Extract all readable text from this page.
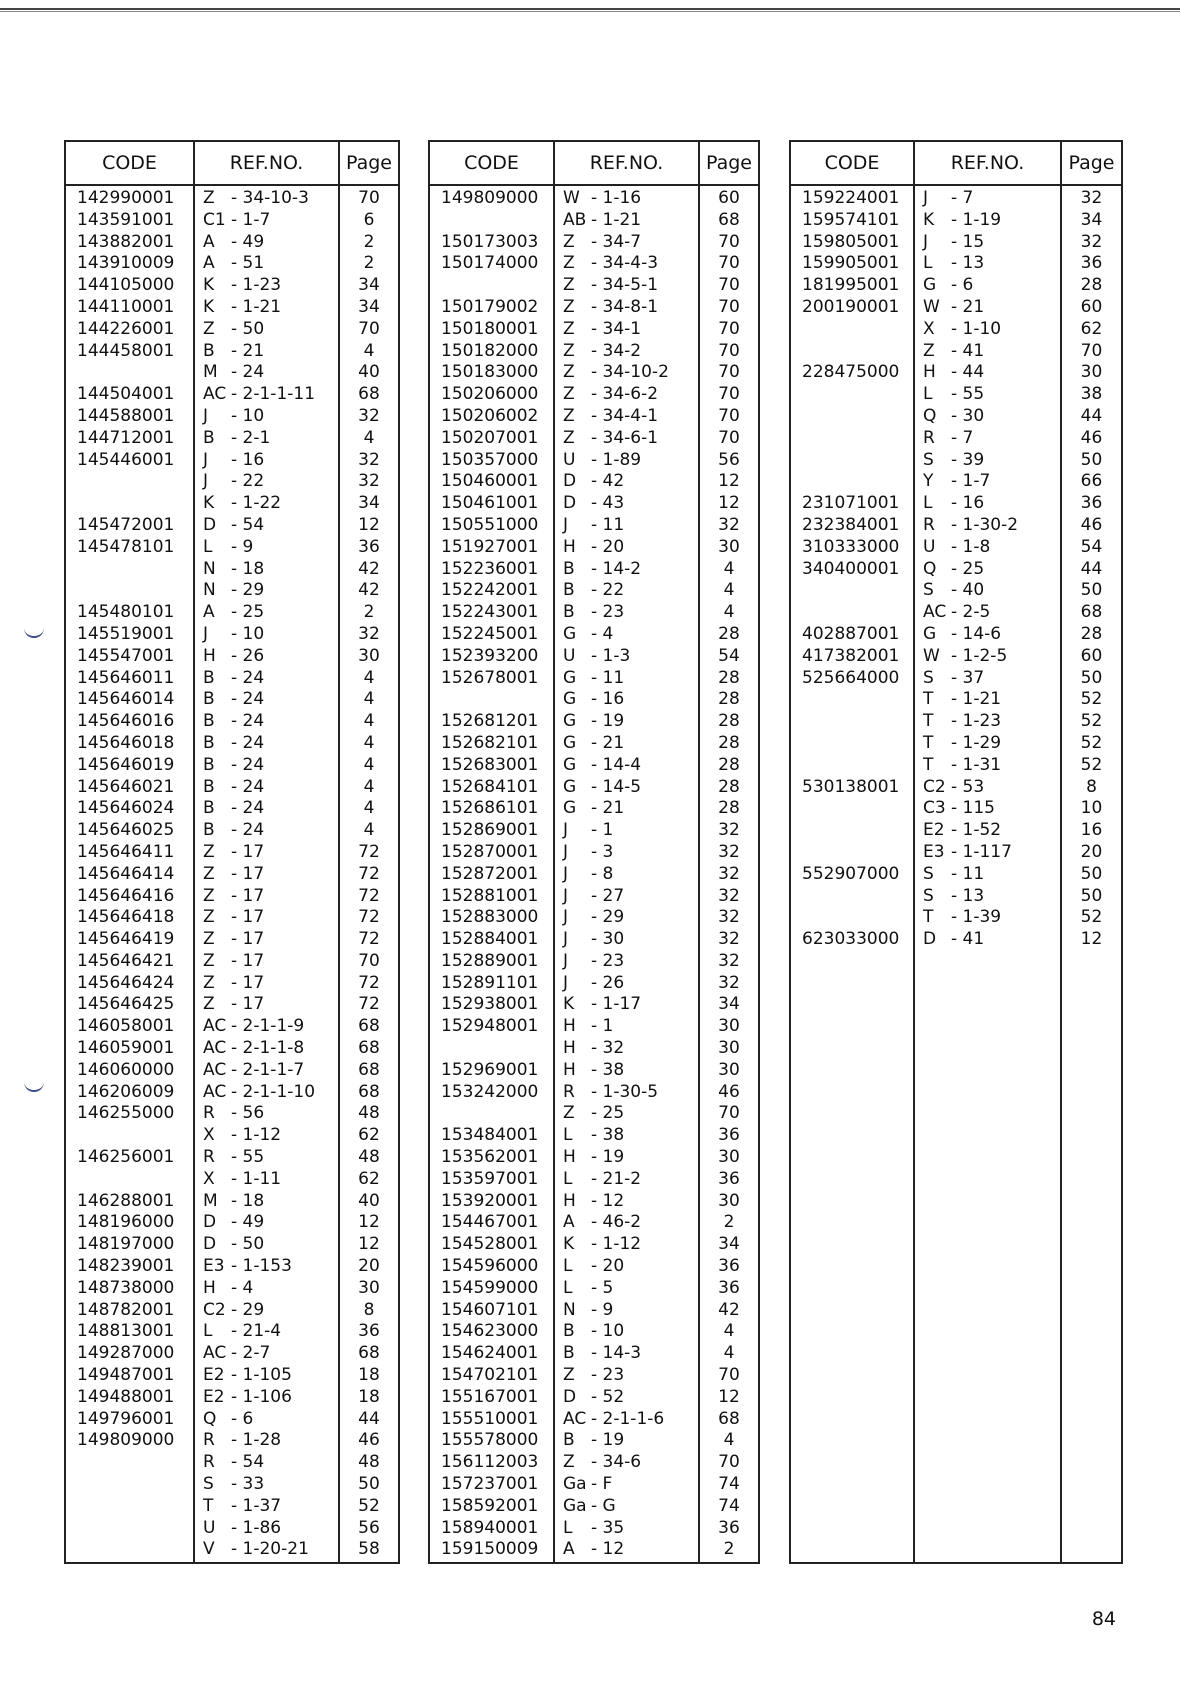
CODE	REF.NO.	Page
142990001 Z - 34-10-3	70
143591001 C1 - 1-7	6
143882001 A - 49	2
143910009 A - 51	2
144105000 K - 1-23	34
144110001 K - 1-21	34
144226001 Z - 50	70
144458001 B - 21	4
M - 24	40
144504001 AC - 2-1-1-11	68
144588001 J - 10	32
144712001 B - 2-1	4
145446001 J - 16	32
J - 22	32
K - 1-22	34
145472001 D - 54	12
145478101 L - 9	36
N - 18	42
N - 29	42
145480101 A - 25	2
145519001 J - 10	32
145547001 H - 26	30
145646011 B - 24	4
145646014 B - 24	4
145646016 B - 24	4
145646018 B - 24	4
145646019 B - 24	4
145646021 B - 24	4
145646024 B - 24	4
145646025 B - 24	4
145646411 Z - 17	72
145646414 Z - 17	72
145646416 Z - 17	72
145646418 Z - 17	72
145646419 Z - 17	72
145646421 Z - 17	70
145646424 Z - 17	72
145646425 Z - 17	72
146058001 AC - 2-1-1-9	68
146059001 AC - 2-1-1-8	68
146060000 AC - 2-1-1-7	68
146206009 AC - 2-1-1-10	68
146255000 R - 56	48
X - 1-12	62
146256001 R - 55	48
X - 1-11	62
146288001 M - 18	40
148196000 D - 49	12
148197000 D - 50	12
148239001 E3 - 1-153	20
148738000 H - 4	30
148782001 C2 - 29	8
148813001 L - 21-4	36
149287000 AC - 2-7	68
149487001 E2 - 1-105	18
149488001 E2 - 1-106	18
149796001 Q - 6	44
149809000 R - 1-28	46
R - 54	48
S - 33	50
T - 1-37	52
U - 1-86	56
V - 1-20-21	58
CODE	REF.NO.	Page
149809000 W - 1-16	60
AB - 1-21	68
150173003 Z - 34-7	70
150174000 Z - 34-4-3	70
Z - 34-5-1	70
150179002 Z - 34-8-1	70
150180001 Z - 34-1	70
150182000 Z - 34-2	70
150183000 Z - 34-10-2	70
150206000 Z - 34-6-2	70
150206002 Z - 34-4-1	70
150207001 Z - 34-6-1	70
150357000 U - 1-89	56
150460001 D - 42	12
150461001 D - 43	12
150551000 J - 11	32
151927001 H - 20	30
152236001 B - 14-2	4
152242001 B - 22	4
152243001 B - 23	4
152245001 G - 4	28
152393200 U - 1-3	54
152678001 G - 11	28
G - 16	28
152681201 G - 19	28
152682101 G - 21	28
152683001 G - 14-4	28
152684101 G - 14-5	28
152686101 G - 21	28
152869001 J - 1	32
152870001 J - 3	32
152872001 J - 8	32
152881001 J - 27	32
152883000 J - 29	32
152884001 J - 30	32
152889001 J - 23	32
152891101 J - 26	32
152938001 K - 1-17	34
152948001 H - 1	30
H - 32	30
152969001 H - 38	30
153242000 R - 1-30-5	46
Z - 25	70
153484001 L - 38	36
153562001 H - 19	30
153597001 L - 21-2	36
153920001 H - 12	30
154467001 A - 46-2	2
154528001 K - 1-12	34
154596000 L - 20	36
154599000 L - 5	36
154607101 N - 9	42
154623000 B - 10	4
154624001 B - 14-3	4
154702101 Z - 23	70
155167001 D - 52	12
155510001 AC - 2-1-1-6	68
155578000 B - 19	4
156112003 Z - 34-6	70
157237001 Ga - F	74
158592001 Ga - G	74
158940001 L - 35	36
159150009 A - 12	2
CODE	REF.NO.	Page
159224001 J - 7	32
159574101 K - 1-19	34
159805001 J - 15	32
159905001 L - 13	36
181995001 G - 6	28
200190001 W - 21	60
X - 1-10	62
Z - 41	70
228475000 H - 44	30
L - 55	38
Q - 30	44
R - 7	46
S - 39	50
Y - 1-7	66
231071001 L - 16	36
232384001 R - 1-30-2	46
310333000 U - 1-8	54
340400001 Q - 25	44
S - 40	50
AC - 2-5	68
402887001 G - 14-6	28
417382001 W - 1-2-5	60
525664000 S - 37	50
T - 1-21	52
T - 1-23	52
T - 1-29	52
T - 1-31	52
530138001 C2 - 53	8
C3 - 115	10
E2 - 1-52	16
E3 - 1-117	20
552907000 S - 11	50
S - 13	50
T - 1-39	52
623033000 D - 41	12
84
